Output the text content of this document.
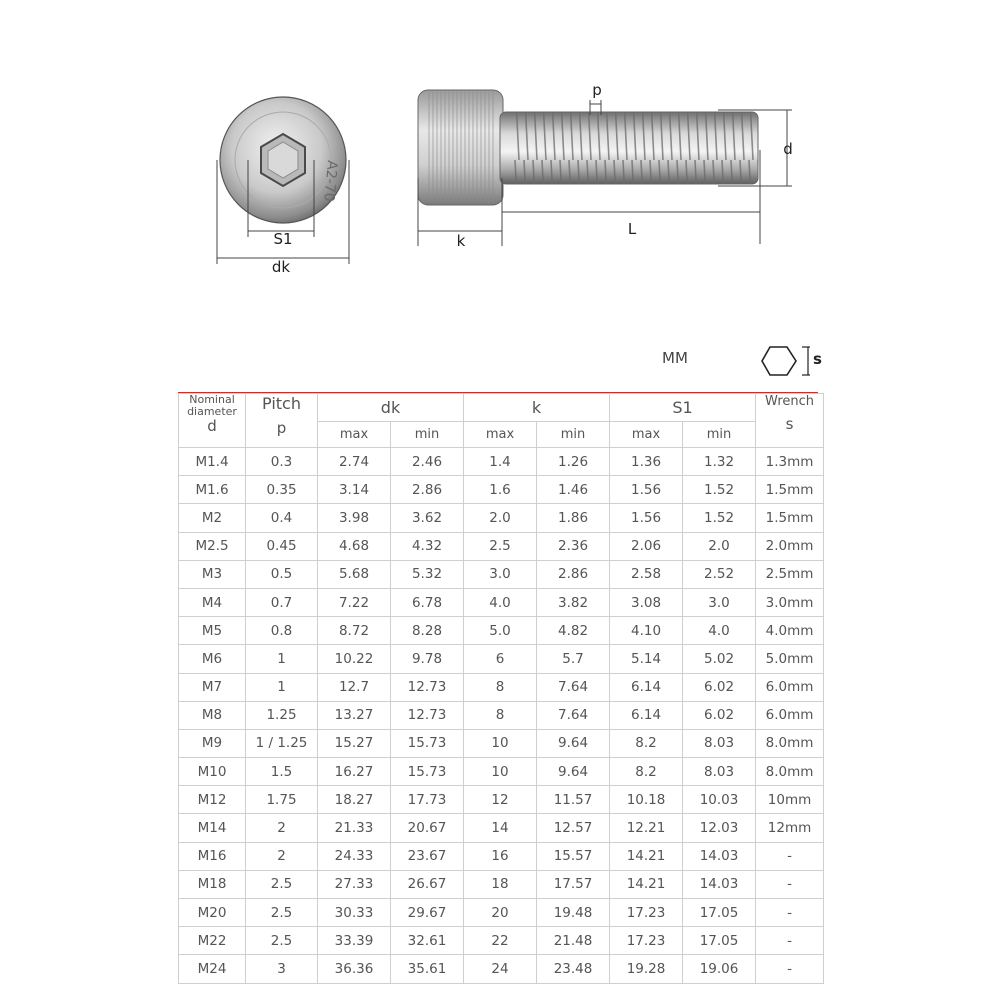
A2-70
S1
dk
k
L
p
d
MM	s
Nominal diameter
d	Pitch
p	dk		k		S1		Wrench
s

		max	min	max	min	max	min	
M1.4	0.3	2.74	2.46	1.4	1.26	1.36	1.32	1.3mm
M1.6	0.35	3.14	2.86	1.6	1.46	1.56	1.52	1.5mm
M2	0.4	3.98	3.62	2.0	1.86	1.56	1.52	1.5mm
M2.5	0.45	4.68	4.32	2.5	2.36	2.06	2.0	2.0mm
M3	0.5	5.68	5.32	3.0	2.86	2.58	2.52	2.5mm
M4	0.7	7.22	6.78	4.0	3.82	3.08	3.0	3.0mm
M5	0.8	8.72	8.28	5.0	4.82	4.10	4.0	4.0mm
M6	1	10.22	9.78	6	5.7	5.14	5.02	5.0mm
M7	1	12.7	12.73	8	7.64	6.14	6.02	6.0mm
M8	1.25	13.27	12.73	8	7.64	6.14	6.02	6.0mm
M9	1 / 1.25	15.27	15.73	10	9.64	8.2	8.03	8.0mm
M10	1.5	16.27	15.73	10	9.64	8.2	8.03	8.0mm
M12	1.75	18.27	17.73	12	11.57	10.18	10.03	10mm
M14	2	21.33	20.67	14	12.57	12.21	12.03	12mm
M16	2	24.33	23.67	16	15.57	14.21	14.03	-
M18	2.5	27.33	26.67	18	17.57	14.21	14.03	-
M20	2.5	30.33	29.67	20	19.48	17.23	17.05	-
M22	2.5	33.39	32.61	22	21.48	17.23	17.05	-
M24	3	36.36	35.61	24	23.48	19.28	19.06	-
